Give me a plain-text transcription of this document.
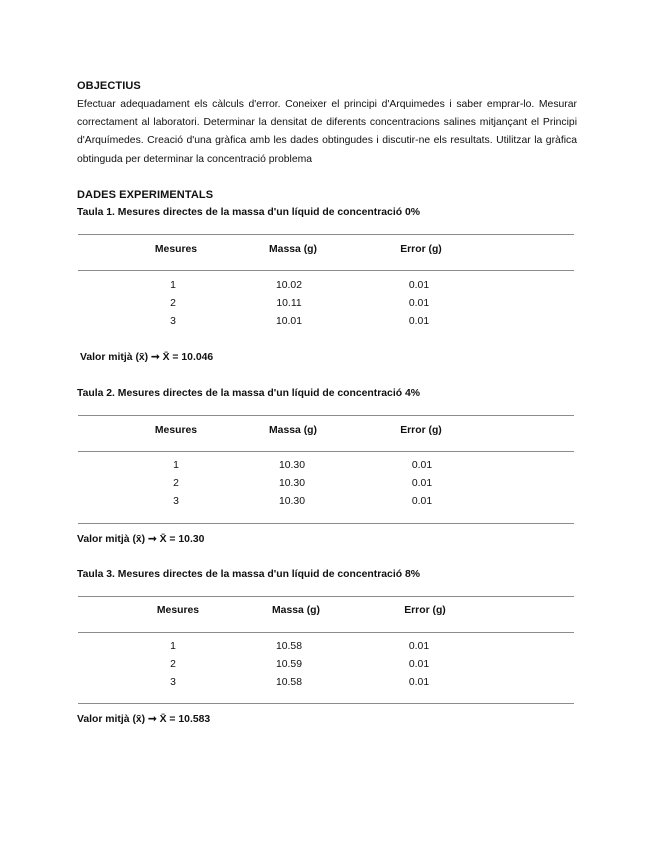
OBJECTIUS
Efectuar adequadament els càlculs d'error. Coneixer el principi d'Arquimedes i saber emprar-lo. Mesurar correctament al laboratori. Determinar la densitat de diferents concentracions salines mitjançant el Principi d'Arquímedes. Creació d'una gràfica amb les dades obtingudes i discutir-ne els resultats. Utilitzar la gràfica obtinguda per determinar la concentració problema
DADES EXPERIMENTALS
Taula 1. Mesures directes de la massa d'un líquid de concentració 0%
Mesures	Massa (g)	Error (g)
1	10.02	0.01
2	10.11	0.01
3	10.01	0.01
Valor mitjà (x̄) ➞ X̄ = 10.046
Taula 2. Mesures directes de la massa d'un líquid de concentració 4%
Mesures	Massa (g)	Error (g)
1	10.30	0.01
2	10.30	0.01
3	10.30	0.01
Valor mitjà (x̄) ➞ X̄ = 10.30
Taula 3. Mesures directes de la massa d'un líquid de concentració 8%
Mesures	Massa (g)	Error (g)
1	10.58	0.01
2	10.59	0.01
3	10.58	0.01
Valor mitjà (x̄) ➞ X̄ = 10.583
